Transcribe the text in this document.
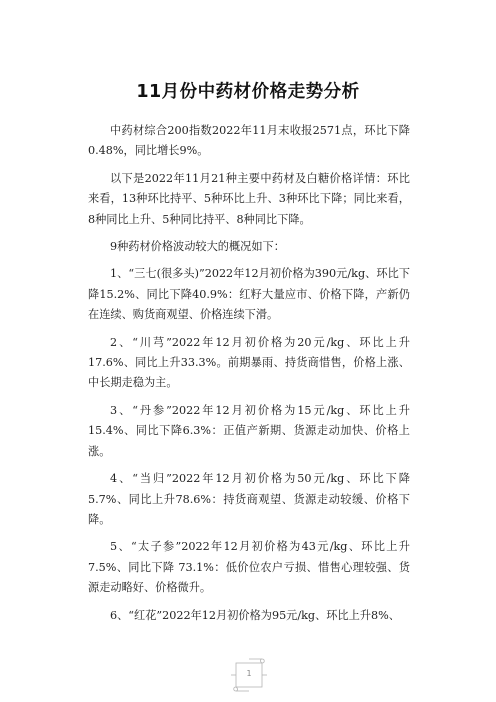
11月份中药材价格走势分析

中药材综合200指数2022年11月末收报2571点，环比下降0.48%，同比增长9%。

以下是2022年11月21种主要中药材及白糖价格详情：环比来看，13种环比持平、5种环比上升、3种环比下降；同比来看，8种同比上升、5种同比持平、8种同比下降。

9种药材价格波动较大的概况如下：

1、“三七(很多头)”2022年12月初价格为390元/kg、环比下降15.2%、同比下降40.9%：红籽大量应市、价格下降，产新仍在连续、购货商观望、价格连续下滑。

2、“川芎”2022年12月初价格为20元/kg、环比上升17.6%、同比上升33.3%。前期暴雨、持货商惜售，价格上涨、中长期走稳为主。

3、“丹参”2022年12月初价格为15元/kg、环比上升15.4%、同比下降6.3%：正值产新期、货源走动加快、价格上涨。

4、“当归”2022年12月初价格为50元/kg、环比下降5.7%、同比上升78.6%：持货商观望、货源走动较缓、价格下降。

5、“太子参”2022年12月初价格为43元/kg、环比上升7.5%、同比下降 73.1%：低价位农户亏损、惜售心理较强、货源走动略好、价格微升。

6、“红花”2022年12月初价格为95元/kg、环比上升8%、

1
